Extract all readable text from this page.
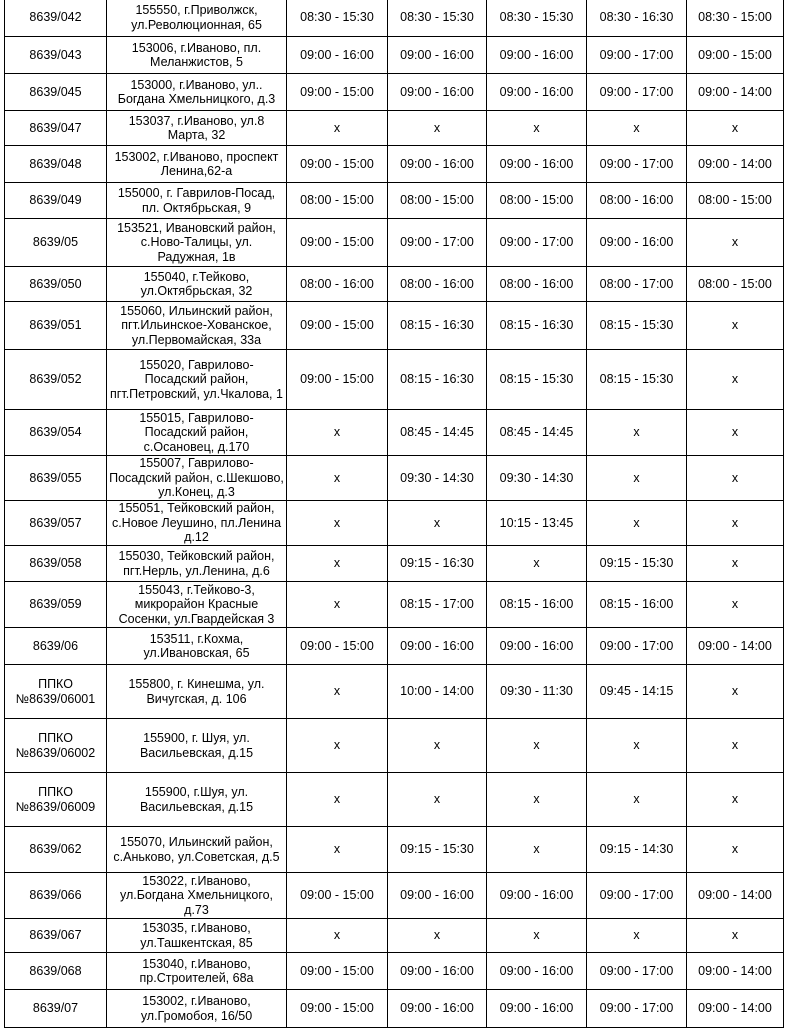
8639/042	155550, г.Приволжск, ул.Революционная, 65	08:30 - 15:30	08:30 - 15:30	08:30 - 15:30	08:30 - 16:30	08:30 - 15:00
8639/043	153006, г.Иваново, пл. Меланжистов, 5	09:00 - 16:00	09:00 - 16:00	09:00 - 16:00	09:00 - 17:00	09:00 - 15:00
8639/045	153000, г.Иваново, ул.. Богдана Хмельницкого, д.3	09:00 - 15:00	09:00 - 16:00	09:00 - 16:00	09:00 - 17:00	09:00 - 14:00
8639/047	153037, г.Иваново, ул.8 Марта, 32	x	x	x	x	x
8639/048	153002, г.Иваново, проспект Ленина,62-а	09:00 - 15:00	09:00 - 16:00	09:00 - 16:00	09:00 - 17:00	09:00 - 14:00
8639/049	155000, г. Гаврилов-Посад, пл. Октябрьская, 9	08:00 - 15:00	08:00 - 15:00	08:00 - 15:00	08:00 - 16:00	08:00 - 15:00
8639/05	153521, Ивановский район, с.Ново-Талицы, ул. Радужная, 1в	09:00 - 15:00	09:00 - 17:00	09:00 - 17:00	09:00 - 16:00	x
8639/050	155040, г.Тейково, ул.Октябрьская, 32	08:00 - 16:00	08:00 - 16:00	08:00 - 16:00	08:00 - 17:00	08:00 - 15:00
8639/051	155060, Ильинский район, пгт.Ильинское-Хованское, ул.Первомайская, 33а	09:00 - 15:00	08:15 - 16:30	08:15 - 16:30	08:15 - 15:30	x
8639/052	155020, Гаврилово-Посадский район, пгт.Петровский, ул.Чкалова, 1	09:00 - 15:00	08:15 - 16:30	08:15 - 15:30	08:15 - 15:30	x
8639/054	155015, Гаврилово-Посадский район, с.Осановец, д.170	x	08:45 - 14:45	08:45 - 14:45	x	x
8639/055	155007, Гаврилово-Посадский район, с.Шекшово, ул.Конец, д.3	x	09:30 - 14:30	09:30 - 14:30	x	x
8639/057	155051, Тейковский район, с.Новое Леушино, пл.Ленина д.12	x	x	10:15 - 13:45	x	x
8639/058	155030, Тейковский район, пгт.Нерль, ул.Ленина, д.6	x	09:15 - 16:30	x	09:15 - 15:30	x
8639/059	155043, г.Тейково-3, микрорайон Красные Сосенки, ул.Гвардейская 3	x	08:15 - 17:00	08:15 - 16:00	08:15 - 16:00	x
8639/06	153511, г.Кохма, ул.Ивановская, 65	09:00 - 15:00	09:00 - 16:00	09:00 - 16:00	09:00 - 17:00	09:00 - 14:00
ППКО №8639/06001	155800, г. Кинешма, ул. Вичугская, д. 106	x	10:00 - 14:00	09:30 - 11:30	09:45 - 14:15	x
ППКО №8639/06002	155900, г. Шуя, ул. Васильевская, д.15	x	x	x	x	x
ППКО №8639/06009	155900, г.Шуя, ул. Васильевская, д.15	x	x	x	x	x
8639/062	155070, Ильинский район, с.Аньково, ул.Советская, д.5	x	09:15 - 15:30	x	09:15 - 14:30	x
8639/066	153022, г.Иваново, ул.Богдана Хмельницкого, д.73	09:00 - 15:00	09:00 - 16:00	09:00 - 16:00	09:00 - 17:00	09:00 - 14:00
8639/067	153035, г.Иваново, ул.Ташкентская, 85	x	x	x	x	x
8639/068	153040, г.Иваново, пр.Строителей, 68а	09:00 - 15:00	09:00 - 16:00	09:00 - 16:00	09:00 - 17:00	09:00 - 14:00
8639/07	153002, г.Иваново, ул.Громобоя, 16/50	09:00 - 15:00	09:00 - 16:00	09:00 - 16:00	09:00 - 17:00	09:00 - 14:00
